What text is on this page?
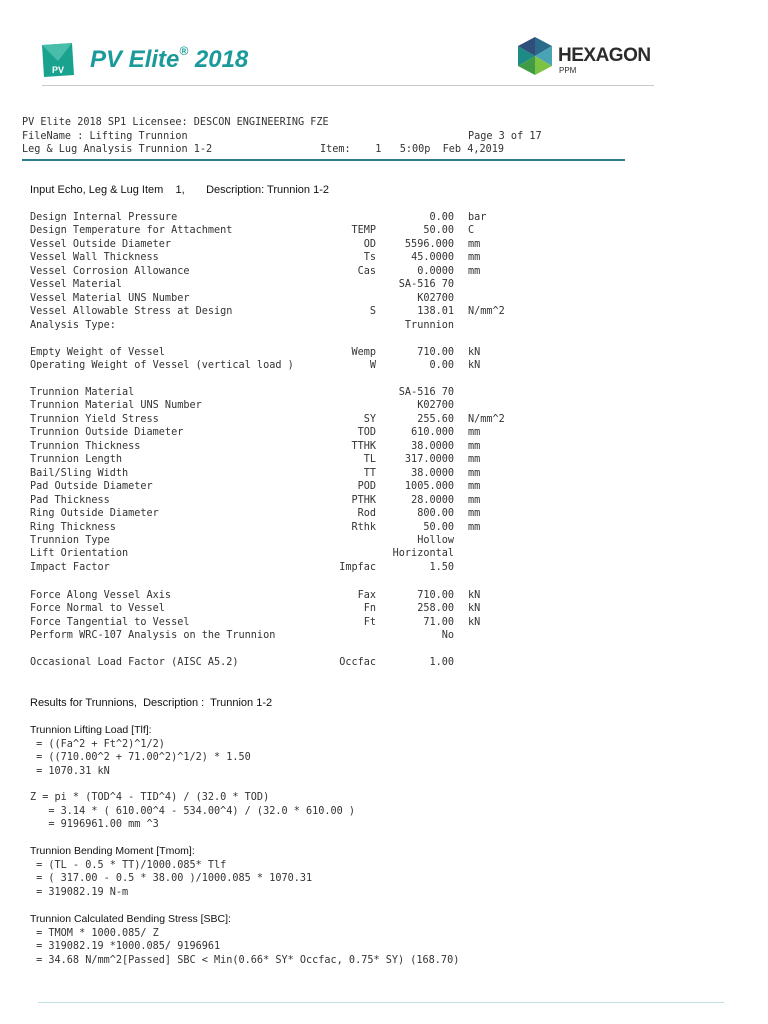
PV PV Elite® 2018	HEXAGON
PPM
PV Elite 2018 SP1 Licensee: DESCON ENGINEERING FZE
FileName : Lifting Trunnion	Page 3 of 17
Leg & Lug Analysis Trunnion 1-2	Item:    1   5:00p  Feb 4,2019
Input Echo, Leg & Lug Item    1,       Description: Trunnion 1-2
Design Internal Pressure	0.00 bar
Design Temperature for Attachment	TEMP	50.00 C
Vessel Outside Diameter	OD	5596.000 mm
Vessel Wall Thickness	Ts	45.0000 mm
Vessel Corrosion Allowance	Cas	0.0000 mm
Vessel Material	SA-516 70
Vessel Material UNS Number	K02700
Vessel Allowable Stress at Design	S	138.01 N/mm^2
Analysis Type:	Trunnion
Empty Weight of Vessel	Wemp	710.00 kN
Operating Weight of Vessel (vertical load )	W	0.00 kN
Trunnion Material	SA-516 70
Trunnion Material UNS Number	K02700
Trunnion Yield Stress	SY	255.60 N/mm^2
Trunnion Outside Diameter	TOD	610.000 mm
Trunnion Thickness	TTHK	38.0000 mm
Trunnion Length	TL	317.0000 mm
Bail/Sling Width	TT	38.0000 mm
Pad Outside Diameter	POD	1005.000 mm
Pad Thickness	PTHK	28.0000 mm
Ring Outside Diameter	Rod	800.00 mm
Ring Thickness	Rthk	50.00 mm
Trunnion Type	Hollow
Lift Orientation	Horizontal
Impact Factor	Impfac	1.50
Force Along Vessel Axis	Fax	710.00 kN
Force Normal to Vessel	Fn	258.00 kN
Force Tangential to Vessel	Ft	71.00 kN
Perform WRC-107 Analysis on the Trunnion	No
Occasional Load Factor (AISC A5.2)	Occfac	1.00
Results for Trunnions,  Description :  Trunnion 1-2
Trunnion Lifting Load [Tlf]:
= ((Fa^2 + Ft^2)^1/2)
= ((710.00^2 + 71.00^2)^1/2) * 1.50
= 1070.31 kN
Z = pi * (TOD^4 - TID^4) / (32.0 * TOD)
= 3.14 * ( 610.00^4 - 534.00^4) / (32.0 * 610.00 )
= 9196961.00 mm ^3
Trunnion Bending Moment [Tmom]:
= (TL - 0.5 * TT)/1000.085* Tlf
= ( 317.00 - 0.5 * 38.00 )/1000.085 * 1070.31
= 319082.19 N-m
Trunnion Calculated Bending Stress [SBC]:
= TMOM * 1000.085/ Z
= 319082.19 *1000.085/ 9196961
= 34.68 N/mm^2[Passed] SBC < Min(0.66* SY* Occfac, 0.75* SY) (168.70)
